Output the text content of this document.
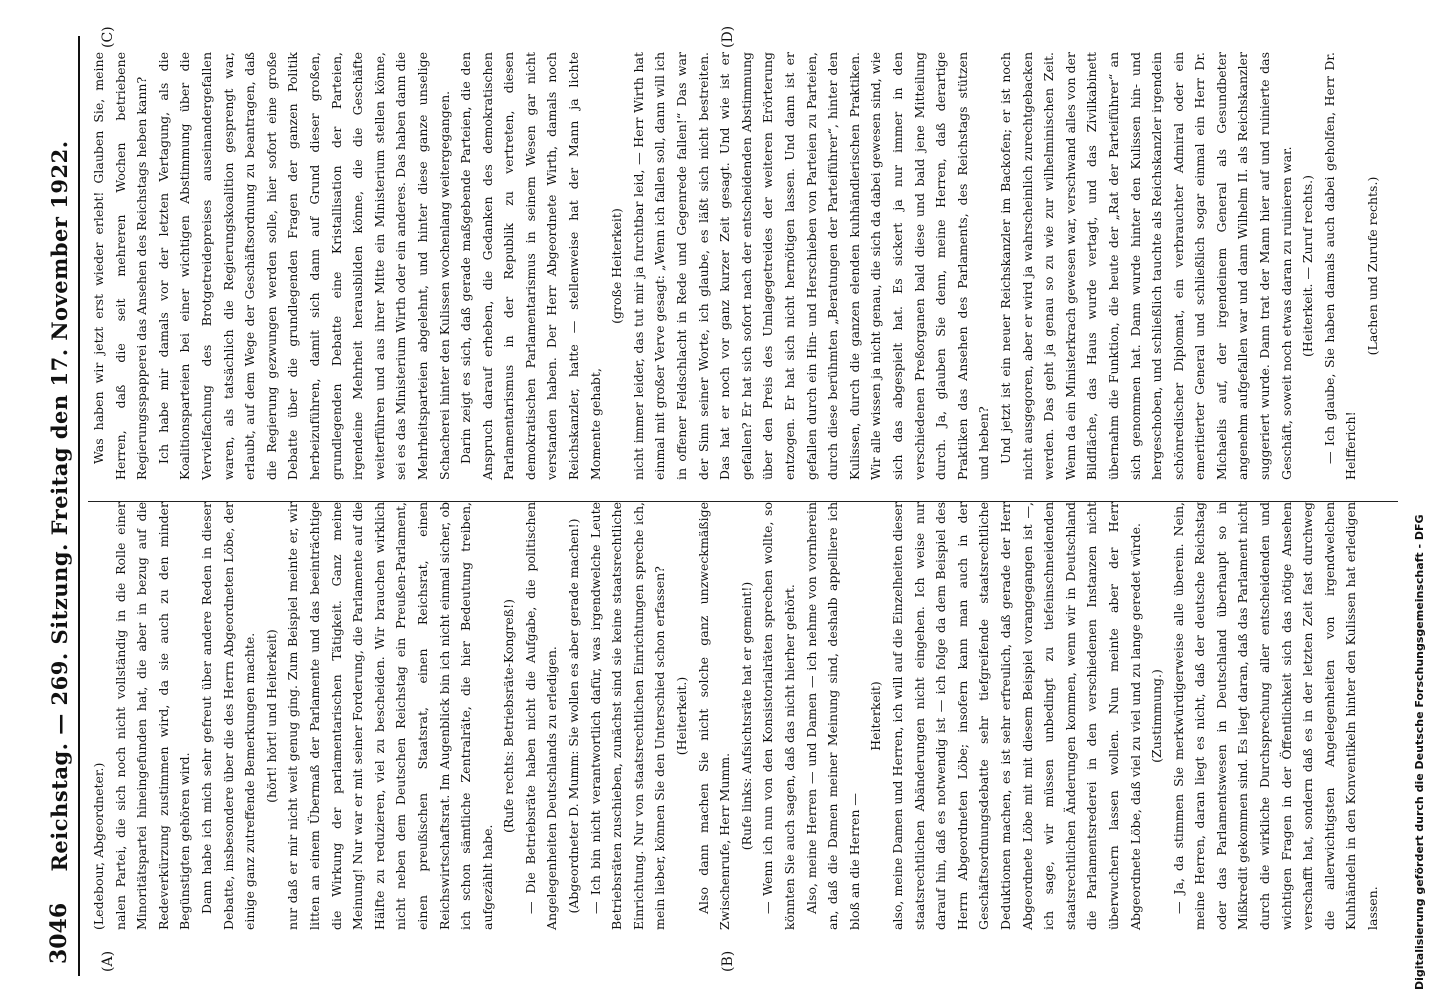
3046
Reichstag. — 269. Sitzung. Freitag den 17. November 1922.
(A)	(B)
(C)	(D)

(Ledebour, Abgeordneter.) nalen Partei, die sich noch nicht vollständig in die Rolle einer Minoritätspartei hineingefunden hat, die aber in bezug auf die Redeverkürzung zustimmen wird, da sie auch zu den minder Begünstigten gehören wird. Dann habe ich mich sehr gefreut über andere Reden in dieser Debatte, insbesondere über die des Herrn Abgeordneten Löbe, der einige ganz zutreffende Bemerkungen machte. (hört! hört! und Heiterkeit) nur daß er mir nicht weit genug ging. Zum Beispiel meinte er, wir litten an einem Übermaß der Parlamente und das beeinträchtige die Wirkung der parlamentarischen Tätigkeit. Ganz meine Meinung! Nur war er mit seiner Forderung, die Parlamente auf die Hälfte zu reduzieren, viel zu bescheiden. Wir brauchen wirklich nicht neben dem Deutschen Reichstag ein Preußen-Parlament, einen preußischen Staatsrat, einen Reichsrat, einen Reichswirtschaftsrat. Im Augenblick bin ich nicht einmal sicher, ob ich schon sämtliche Zentralräte, die hier Bedeutung treiben, aufgezählt habe.

(Rufe rechts: Betriebsräte-Kongreß!) — Die Betriebsräte haben nicht die Aufgabe, die politischen Angelegenheiten Deutschlands zu erledigen. (Abgeordneter D. Mumm: Sie wollen es aber gerade machen!) — Ich bin nicht verantwortlich dafür, was irgendwelche Leute Betriebsräten zuschieben, zunächst sind sie keine staatsrechtliche Einrichtung. Nur von staatsrechtlichen Einrichtungen spreche ich, mein lieber, können Sie den Unterschied schon erfassen? (Heiterkeit.) Also dann machen Sie nicht solche ganz unzweckmäßige Zwischenrufe, Herr Mumm. (Rufe links: Aufsichtsräte hat er gemeint!) — Wenn ich nun von den Konsistorialräten sprechen wollte, so könnten Sie auch sagen, daß das nicht hierher gehört. Also, meine Herren — und Damen — ich nehme von vornherein an, daß die Damen meiner Meinung sind, deshalb appelliere ich bloß an die Herren —

Heiterkeit) also, meine Damen und Herren, ich will auf die Einzelheiten dieser staatsrechtlichen Abänderungen nicht eingehen. Ich weise nur darauf hin, daß es notwendig ist — ich folge da dem Beispiel des Herrn Abgeordneten Löbe; insofern kann man auch in der Geschäftsordnungsdebatte sehr tiefgreifende staatsrechtliche Deduktionen machen, es ist sehr erfreulich, daß gerade der Herr Abgeordnete Löbe mit mit diesem Beispiel vorangegangen ist —, ich sage, wir müssen unbedingt zu tiefeinschneidenden staatsrechtlichen Änderungen kommen, wenn wir in Deutschland die Parlamentsrederei in den verschiedenen Instanzen nicht überwuchern lassen wollen. Nun meinte aber der Herr Abgeordnete Löbe, daß viel zu viel und zu lange geredet würde. (Zustimmung.) — Ja, da stimmen Sie merkwürdigerweise alle überein. Nein, meine Herren, daran liegt es nicht, daß der deutsche Reichstag oder das Parlamentswesen in Deutschland überhaupt so in Mißkredit gekommen sind. Es liegt daran, daß das Parlament nicht durch die wirkliche Durchsprechung aller entscheidenden und wichtigen Fragen in der Öffentlichkeit sich das nötige Ansehen verschafft hat, sondern daß es in der letzten Zeit fast durchweg die allerwichtigsten Angelegenheiten von irgendwelchen Kuhhändeln in den Konventikeln hinter den Kulissen hat erledigen lassen.

Was haben wir jetzt erst wieder erlebt! Glauben Sie, meine Herren, daß die seit mehreren Wochen betriebene Regierungsspapperei das Ansehen des Reichstags heben kann? Ich habe mir damals vor der letzten Vertagung, als die Koalitionsparteien bei einer wichtigen Abstimmung über die Vervielfachung des Brotgetreidepreises auseinandergefallen waren, als tatsächlich die Regierungskoalition gesprengt war, erlaubt, auf dem Wege der Geschäftsordnung zu beantragen, daß die Regierung gezwungen werden solle, hier sofort eine große Debatte über die grundlegenden Fragen der ganzen Politik herbeizuführen, damit sich dann auf Grund dieser großen, grundlegenden Debatte eine Kristallisation der Parteien, irgendeine Mehrheit herausbilden könne, die die Geschäfte weiterführen und aus ihrer Mitte ein Ministerium stellen könne, sei es das Ministerium Wirth oder ein anderes. Das haben dann die Mehrheitsparteien abgelehnt, und hinter diese ganze unselige Schacherei hinter den Kulissen wochenlang weitergegangen. Darin zeigt es sich, daß gerade maßgebende Parteien, die den Anspruch darauf erheben, die Gedanken des demokratischen Parlamentarismus in der Republik zu vertreten, diesen demokratischen Parlamentarismus in seinem Wesen gar nicht verstanden haben. Der Herr Abgeordnete Wirth, damals noch Reichskanzler, hatte — stellenweise hat der Mann ja lichte Momente gehabt,

(große Heiterkeit) nicht immer leider, das tut mir ja furchtbar leid, — Herr Wirth hat einmal mit großer Verve gesagt: „Wenn ich fallen soll, dann will ich in offener Feldschlacht in Rede und Gegenrede fallen!“ Das war der Sinn seiner Worte, ich glaube, es läßt sich nicht bestreiten. Das hat er noch vor ganz kurzer Zeit gesagt. Und wie ist er gefallen? Er hat sich sofort nach der entscheidenden Abstimmung über den Preis des Umlagegetreides der weiteren Erörterung entzogen. Er hat sich nicht hernötigen lassen. Und dann ist er gefallen durch ein Hin- und Herschieben von Parteien zu Parteien, durch diese berühmten „Beratungen der Parteiführer“, hinter den Kulissen, durch die ganzen elenden kuhhändlerischen Praktiken. Wir alle wissen ja nicht genau, die sich da dabei gewesen sind, wie sich das abgespielt hat. Es sickert ja nur immer in den verschiedenen Preßorganen bald diese und bald jene Mitteilung durch. Ja, glauben Sie denn, meine Herren, daß derartige Praktiken das Ansehen des Parlaments, des Reichstags stützen und heben? Und jetzt ist ein neuer Reichskanzler im Backofen; er ist noch nicht ausgegoren, aber er wird ja wahrscheinlich zurechtgebacken werden. Das geht ja genau so zu wie zur wilhelminischen Zeit. Wenn da ein Ministerkrach gewesen war, verschwand alles von der Bildfläche, das Haus wurde vertagt, und das Zivilkabinett übernahm die Funktion, die heute der „Rat der Parteiführer“ an sich genommen hat. Dann wurde hinter den Kulissen hin- und hergeschoben, und schließlich tauchte als Reichskanzler irgendein schönredischer Diplomat, ein verbrauchter Admiral oder ein emeritierter General und schließlich sogar einmal ein Herr Dr. Michaelis auf, der irgendeinem General als Gesundbeter angenehm aufgefallen war und dann Wilhelm II. als Reichskanzler suggeriert wurde. Dann trat der Mann hier auf und ruinierte das Geschäft, soweit noch etwas daran zu ruinieren war. (Heiterkeit. — Zuruf rechts.) — Ich glaube, Sie haben damals auch dabei geholfen, Herr Dr. Helfferich!

(Lachen und Zurufe rechts.)

Digitalisierung gefördert durch die Deutsche Forschungsgemeinschaft - DFG
